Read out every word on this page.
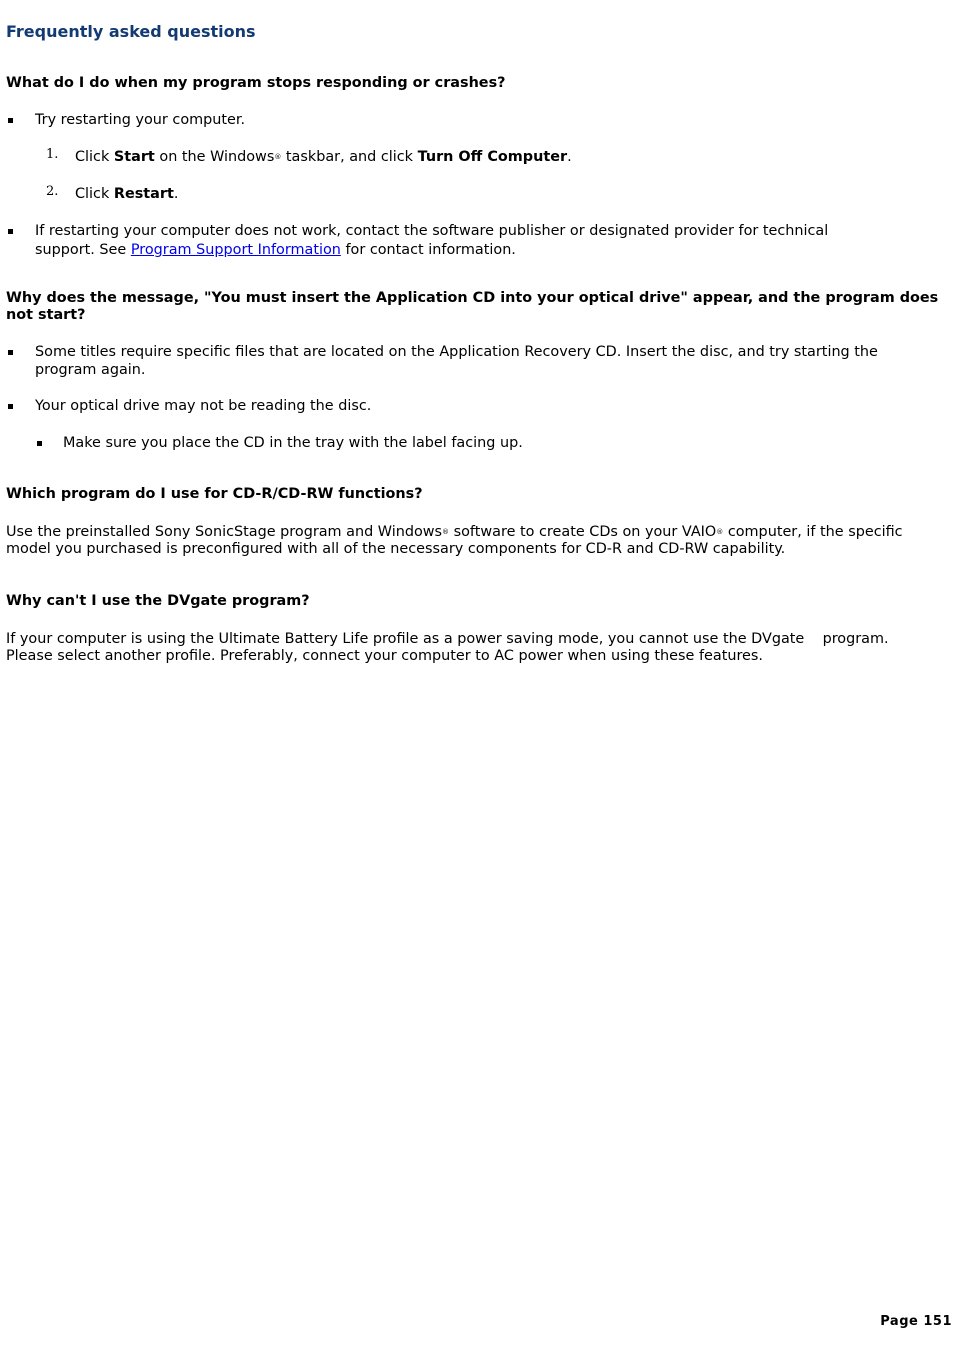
Frequently asked questions
What do I do when my program stops responding or crashes?
Try restarting your computer.
1. Click Start on the Windows® taskbar, and click Turn Off Computer.
2. Click Restart.
If restarting your computer does not work, contact the software publisher or designated provider for technical
support. See Program Support Information for contact information.
Why does the message, "You must insert the Application CD into your optical drive" appear, and the program does not start?
Some titles require specific files that are located on the Application Recovery CD. Insert the disc, and try starting the
program again.
Your optical drive may not be reading the disc.
Make sure you place the CD in the tray with the label facing up.
Which program do I use for CD-R/CD-RW functions?
Use the preinstalled Sony SonicStage program and Windows® software to create CDs on your VAIO® computer, if the specific
model you purchased is preconfigured with all of the necessary components for CD-R and CD-RW capability.
Why can't I use the DVgate program?
If your computer is using the Ultimate Battery Life profile as a power saving mode, you cannot use the DVgate    program.
Please select another profile. Preferably, connect your computer to AC power when using these features.
Page 151
